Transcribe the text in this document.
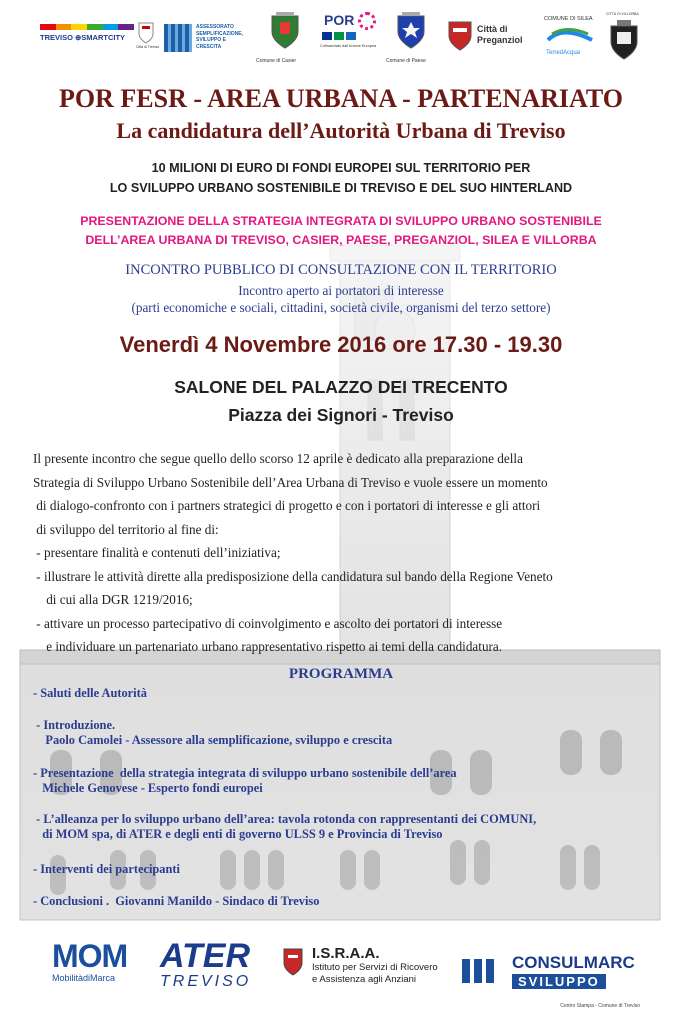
TREVISO ⊕SMARTCITY
Città di Treviso
ASSESSORATO
SEMPLIFICAZIONE,
SVILUPPO E
CRESCITA
Comune di Casier
POR
Cofinanziato dall'Unione Europea
Comune di Paese
Città di
Preganziol
COMUNE DI SILEA
TerredAcqua
CITTÀ DI VILLORBA
POR FESR - AREA URBANA - PARTENARIATO
La candidatura dell’Autorità Urbana di Treviso
10 MILIONI DI EURO DI FONDI EUROPEI SUL TERRITORIO PER
LO SVILUPPO URBANO SOSTENIBILE DI TREVISO E DEL SUO HINTERLAND
PRESENTAZIONE DELLA STRATEGIA INTEGRATA DI SVILUPPO URBANO SOSTENIBILE
DELL’AREA URBANA DI TREVISO, CASIER, PAESE, PREGANZIOL, SILEA E VILLORBA
INCONTRO PUBBLICO DI CONSULTAZIONE CON IL TERRITORIO
Incontro aperto ai portatori di interesse
(parti economiche e sociali, cittadini, società civile, organismi del terzo settore)
Venerdì 4 Novembre 2016 ore 17.30 - 19.30
SALONE DEL PALAZZO DEI TRECENTO
Piazza dei Signori - Treviso
Il presente incontro che segue quello dello scorso 12 aprile è dedicato alla preparazione della
Strategia di Sviluppo Urbano Sostenibile dell’Area Urbana di Treviso e vuole essere un momento
di dialogo-confronto con i partners strategici di progetto e con i portatori di interesse e gli attori
di sviluppo del territorio al fine di:
- presentare finalità e contenuti dell’iniziativa;
- illustrare le attività dirette alla predisposizione della candidatura sul bando della Regione Veneto
di cui alla DGR 1219/2016;
- attivare un processo partecipativo di coinvolgimento e ascolto dei portatori di interesse
e individuare un partenariato urbano rappresentativo rispetto ai temi della candidatura.
PROGRAMMA
- Saluti delle Autorità
- Introduzione.
Paolo Camolei - Assessore alla semplificazione, sviluppo e crescita
- Presentazione  della strategia integrata di sviluppo urbano sostenibile dell’area
Michele Genovese - Esperto fondi europei
- L’alleanza per lo sviluppo urbano dell’area: tavola rotonda con rappresentanti dei COMUNI,
di MOM spa, di ATER e degli enti di governo ULSS 9 e Provincia di Treviso
- Interventi dei partecipanti
- Conclusioni .  Giovanni Manildo - Sindaco di Treviso
MOM
MobilitàdiMarca
ATER
TREVISO
I.S.R.A.A.
Istituto per Servizi di Ricovero
e Assistenza agli Anziani
CONSULMARC
SVILUPPO
Centro Stampa - Comune di Treviso
